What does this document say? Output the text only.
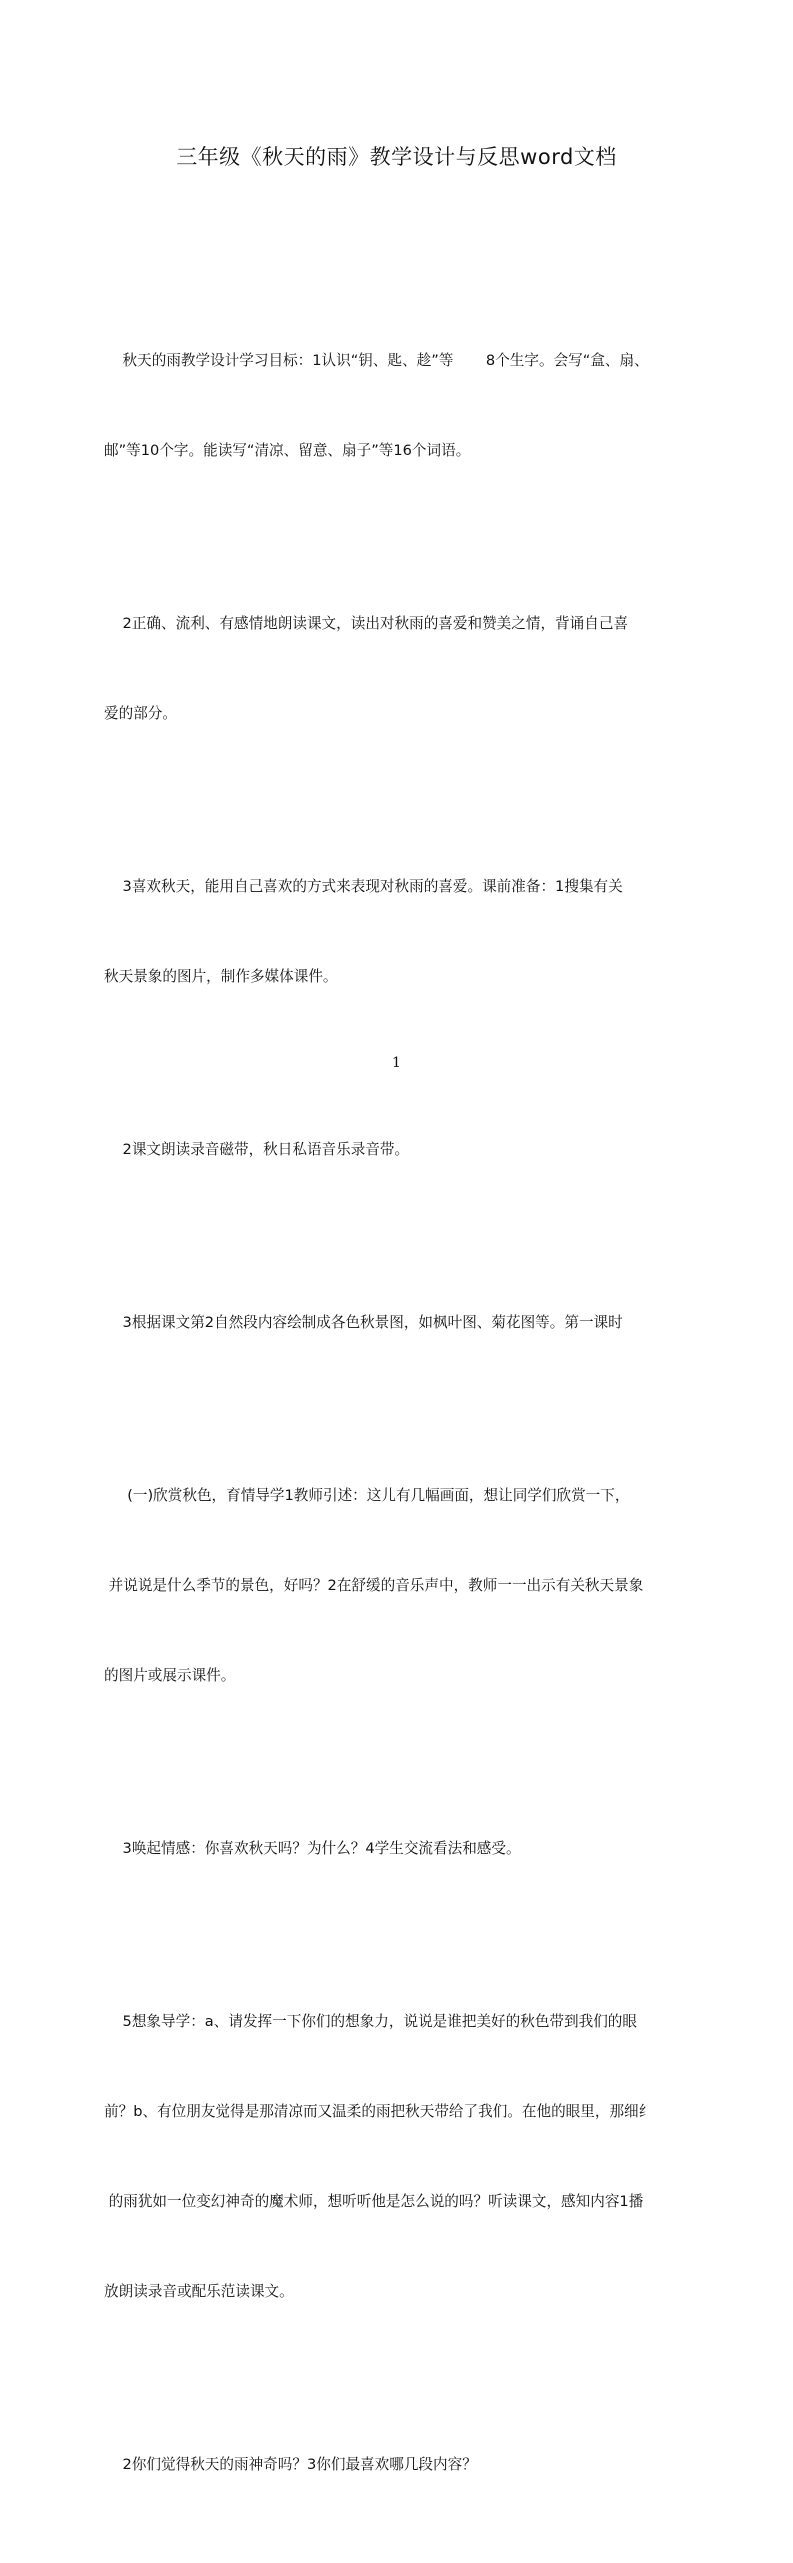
三年级《秋天的雨》教学设计与反思word文档

秋天的雨教学设计学习目标：1认识“钥、匙、趁”等       8个生字。会写“盒、扇、

邮”等10个字。能读写“清凉、留意、扇子”等16个词语。

2正确、流利、有感情地朗读课文，读出对秋雨的喜爱和赞美之情，背诵自己喜

爱的部分。

3喜欢秋天，能用自己喜欢的方式来表现对秋雨的喜爱。课前准备：1搜集有关

秋天景象的图片，制作多媒体课件。

2课文朗读录音磁带，秋日私语音乐录音带。

3根据课文第2自然段内容绘制成各色秋景图，如枫叶图、菊花图等。第一课时

(一)欣赏秋色，育情导学1教师引述：这儿有几幅画面，想让同学们欣赏一下，

并说说是什么季节的景色，好吗？2在舒缓的音乐声中，教师一一出示有关秋天景象

的图片或展示课件。

3唤起情感：你喜欢秋天吗？为什么？4学生交流看法和感受。

5想象导学：a、请发挥一下你们的想象力，说说是谁把美好的秋色带到我们的眼

前？b、有位朋友觉得是那清凉而又温柔的雨把秋天带给了我们。在他的眼里，那细纟

的雨犹如一位变幻神奇的魔术师，想听听他是怎么说的吗？听读课文，感知内容1播

放朗读录音或配乐范读课文。

2你们觉得秋天的雨神奇吗？3你们最喜欢哪几段内容？

1
